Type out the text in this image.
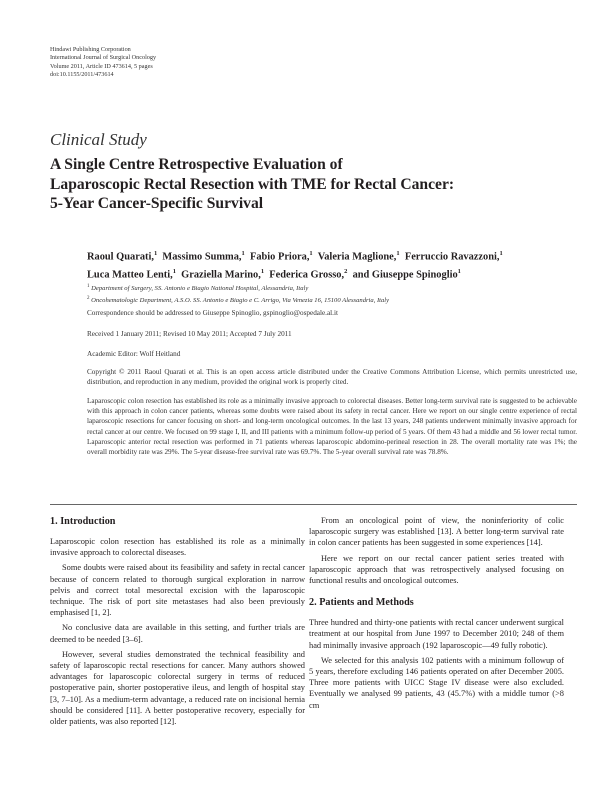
Hindawi Publishing Corporation
International Journal of Surgical Oncology
Volume 2011, Article ID 473614, 5 pages
doi:10.1155/2011/473614
Clinical Study
A Single Centre Retrospective Evaluation of
Laparoscopic Rectal Resection with TME for Rectal Cancer:
5-Year Cancer-Specific Survival
Raoul Quarati,$^1$ Massimo Summa,$^1$ Fabio Priora,$^1$ Valeria Maglione,$^1$ Ferruccio Ravazzoni,$^1$
Luca Matteo Lenti,$^1$ Graziella Marino,$^1$ Federica Grosso,$^2$ and Giuseppe Spinoglio$^1$
$^1$ Department of Surgery, SS. Antonio e Biagio National Hospital, Alessandria, Italy
$^2$ Oncohematologic Department, A.S.O. SS. Antonio e Biagio e C. Arrigo, Via Venezia 16, 15100 Alessandria, Italy
Correspondence should be addressed to Giuseppe Spinoglio, gspinoglio@ospedale.al.it
Received 1 January 2011; Revised 10 May 2011; Accepted 7 July 2011
Academic Editor: Wolf Heitland
Copyright © 2011 Raoul Quarati et al. This is an open access article distributed under the Creative Commons Attribution License, which permits unrestricted use, distribution, and reproduction in any medium, provided the original work is properly cited.
Laparoscopic colon resection has established its role as a minimally invasive approach to colorectal diseases. Better long-term survival rate is suggested to be achievable with this approach in colon cancer patients, whereas some doubts were raised about its safety in rectal cancer. Here we report on our single centre experience of rectal laparoscopic resections for cancer focusing on short- and long-term oncological outcomes. In the last 13 years, 248 patients underwent minimally invasive approach for rectal cancer at our centre. We focused on 99 stage I, II, and III patients with a minimum follow-up period of 5 years. Of them 43 had a middle and 56 lower rectal tumor. Laparoscopic anterior rectal resection was performed in 71 patients whereas laparoscopic abdomino-perineal resection in 28. The overall mortality rate was 1%; the overall morbidity rate was 29%. The 5-year disease-free survival rate was 69.7%. The 5-year overall survival rate was 78.8%.
1. Introduction

Laparoscopic colon resection has established its role as a minimally invasive approach to colorectal diseases.

Some doubts were raised about its feasibility and safety in rectal cancer because of concern related to thorough surgical exploration in narrow pelvis and correct total mesorectal excision with the laparoscopic technique. The risk of port site metastases had also been previously emphasised [1, 2].

No conclusive data are available in this setting, and further trials are deemed to be needed [3–6].

However, several studies demonstrated the technical feasibility and safety of laparoscopic rectal resections for cancer. Many authors showed advantages for laparoscopic colorectal surgery in terms of reduced postoperative pain, shorter postoperative ileus, and length of hospital stay [3, 7–10]. As a medium-term advantage, a reduced rate on incisional hernia should be considered [11]. A better postoperative recovery, especially for older patients, was also reported [12].

From an oncological point of view, the noninferiority of colic laparoscopic surgery was established [13]. A better long-term survival rate in colon cancer patients has been suggested in some experiences [14].

Here we report on our rectal cancer patient series treated with laparoscopic approach that was retrospectively analysed focusing on functional results and oncological outcomes.

2. Patients and Methods

Three hundred and thirty-one patients with rectal cancer underwent surgical treatment at our hospital from June 1997 to December 2010; 248 of them had minimally invasive approach (192 laparoscopic—49 fully robotic).

We selected for this analysis 102 patients with a minimum followup of 5 years, therefore excluding 146 patients operated on after December 2005. Three more patients with UICC Stage IV disease were also excluded. Eventually we analysed 99 patients, 43 (45.7%) with a middle tumor (>8 cm
